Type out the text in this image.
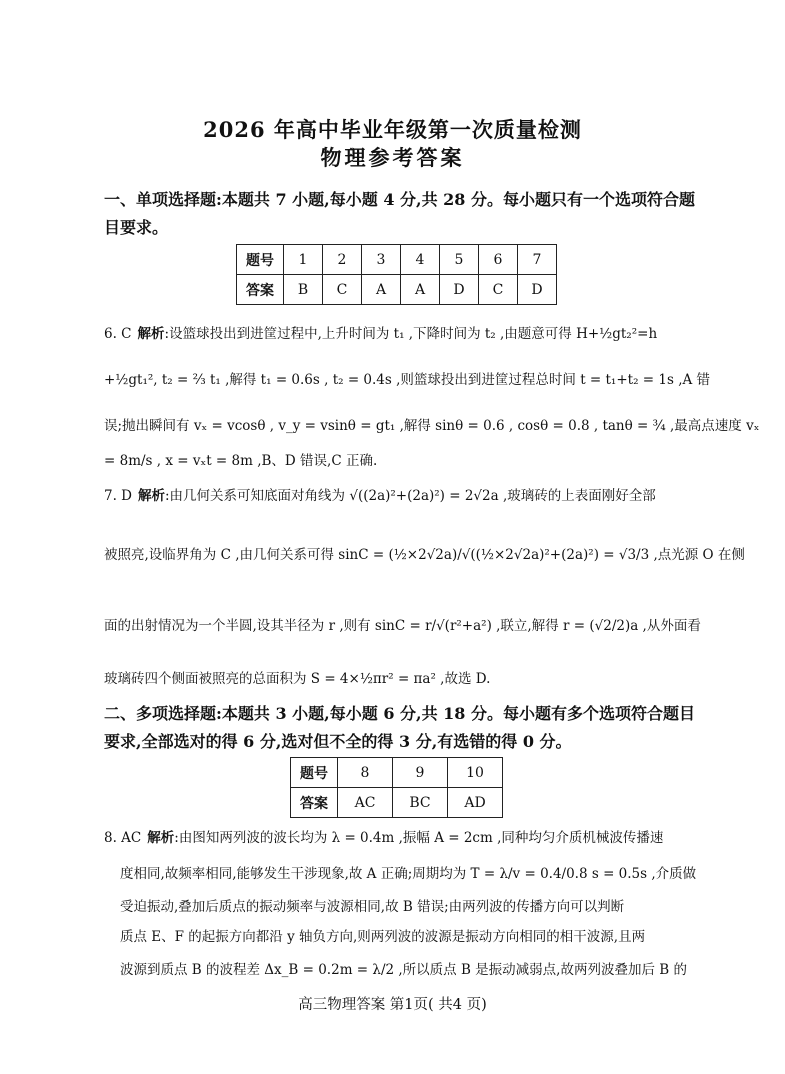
2026 年高中毕业年级第一次质量检测
物理参考答案
一、单项选择题:本题共 7 小题,每小题 4 分,共 28 分。每小题只有一个选项符合题目要求。
题号	1	2	3	4	5	6	7
答案	B	C	A	A	D	C	D
6. C 解析:设篮球投出到进筐过程中,上升时间为 t₁ ,下降时间为 t₂ ,由题意可得 H+½gt₂²=h
+½gt₁², t₂ = ⅔ t₁ ,解得 t₁ = 0.6s , t₂ = 0.4s ,则篮球投出到进筐过程总时间 t = t₁+t₂ = 1s ,A 错
误;抛出瞬间有 vₓ = vcosθ , v_y = vsinθ = gt₁ ,解得 sinθ = 0.6 , cosθ = 0.8 , tanθ = ¾ ,最高点速度 vₓ
= 8m/s , x = vₓt = 8m ,B、D 错误,C 正确.
7. D 解析:由几何关系可知底面对角线为 √((2a)²+(2a)²) = 2√2a ,玻璃砖的上表面刚好全部
被照亮,设临界角为 C ,由几何关系可得 sinC = (½×2√2a)/√((½×2√2a)²+(2a)²) = √3/3 ,点光源 O 在侧
面的出射情况为一个半圆,设其半径为 r ,则有 sinC = r/√(r²+a²) ,联立,解得 r = (√2/2)a ,从外面看
玻璃砖四个侧面被照亮的总面积为 S = 4×½πr² = πa² ,故选 D.
二、多项选择题:本题共 3 小题,每小题 6 分,共 18 分。每小题有多个选项符合题目要求,全部选对的得 6 分,选对但不全的得 3 分,有选错的得 0 分。
题号	8	9	10
答案	AC	BC	AD
8. AC 解析:由图知两列波的波长均为 λ = 0.4m ,振幅 A = 2cm ,同种均匀介质机械波传播速
度相同,故频率相同,能够发生干涉现象,故 A 正确;周期均为 T = λ/v = 0.4/0.8 s = 0.5s ,介质做
受迫振动,叠加后质点的振动频率与波源相同,故 B 错误;由两列波的传播方向可以判断
质点 E、F 的起振方向都沿 y 轴负方向,则两列波的波源是振动方向相同的相干波源,且两
波源到质点 B 的波程差 Δx_B = 0.2m = λ/2 ,所以质点 B 是振动减弱点,故两列波叠加后 B 的
高三物理答案 第1页( 共4 页)
